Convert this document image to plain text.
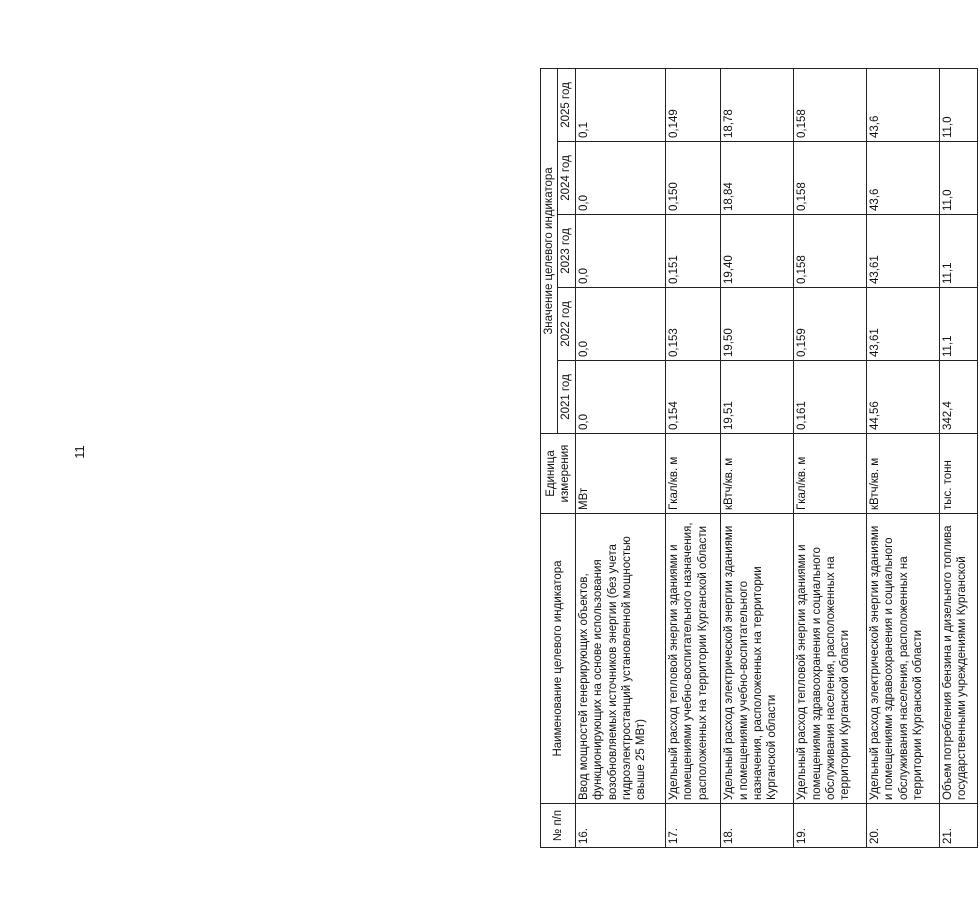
11
№ п/п	Наименование целевого индикатора	Единица измерения	Значение целевого индикатора				
			2021 год	2022 год	2023 год	2024 год	2025 год
16.	Ввод мощностей генерирующих объектов, функционирующих на основе использования возобновляемых источников энергии (без учета гидроэлектростанций установленной мощностью свыше 25 МВт)	МВт	0,0	0,0	0,0	0,0	0,1
17.	Удельный расход тепловой энергии зданиями и помещениями учебно-воспитательного назначения, расположенных на территории Курганской области	Гкал/кв. м	0,154	0,153	0,151	0,150	0,149
18.	Удельный расход электрической энергии зданиями и помещениями учебно-воспитательного назначения, расположенных на территории Курганской области	кВтч/кв. м	19,51	19,50	19,40	18,84	18,78
19.	Удельный расход тепловой энергии зданиями и помещениями здравоохранения и социального обслуживания населения, расположенных на территории Курганской области	Гкал/кв. м	0,161	0,159	0,158	0,158	0,158
20.	Удельный расход электрической энергии зданиями и помещениями здравоохранения и социального обслуживания населения, расположенных на территории Курганской области	кВтч/кв. м	44,56	43,61	43,61	43,6	43,6
21.	Объем потребления бензина и дизельного топлива государственными учреждениями Курганской	тыс. тонн	342,4	11,1	11,1	11,0	11,0
